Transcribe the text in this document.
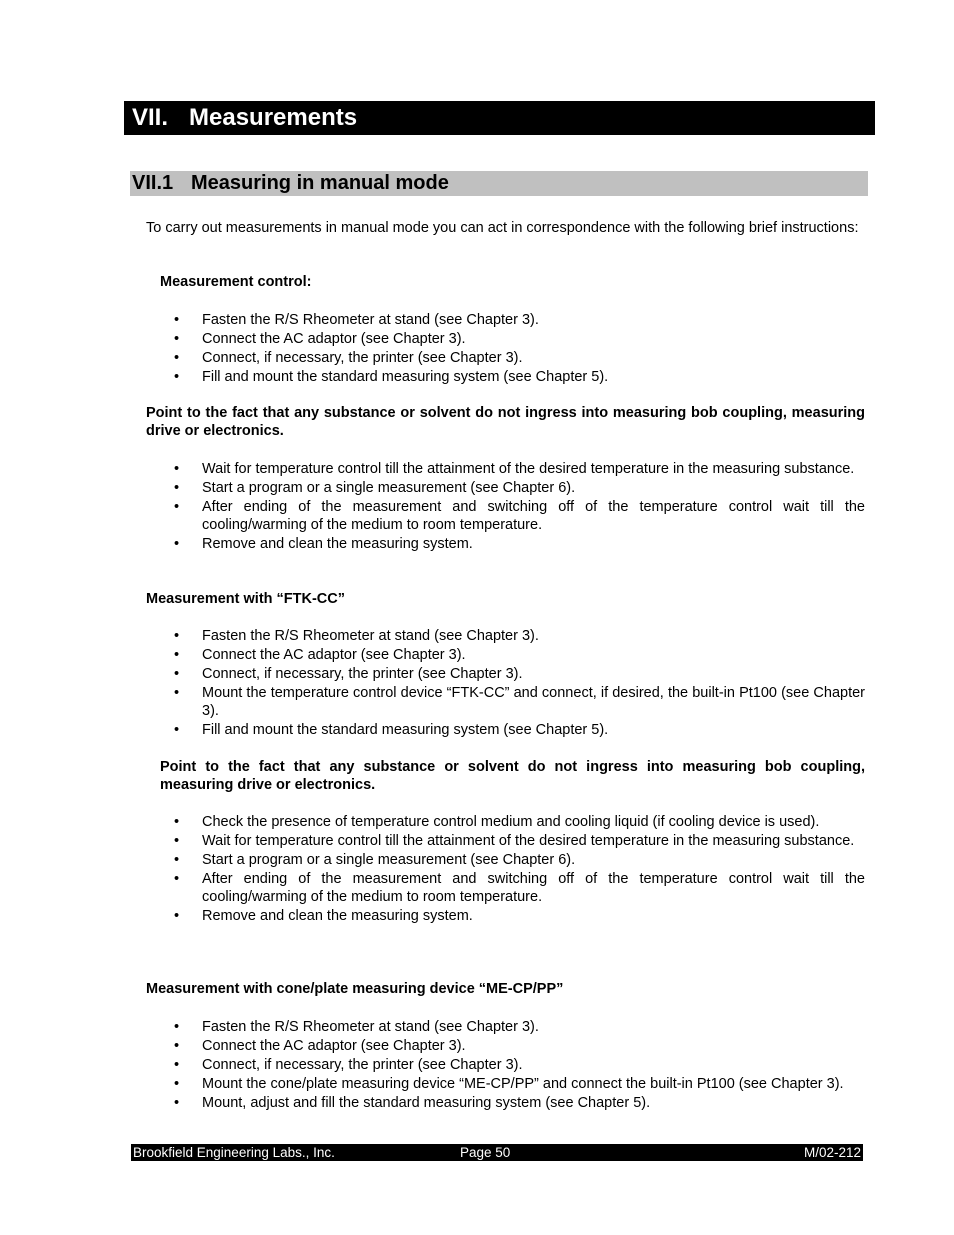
VII. Measurements
VII.1 Measuring in manual mode
To carry out measurements in manual mode you can act in correspondence with the following brief instructions:
Measurement control:
• Fasten the R/S Rheometer at stand (see Chapter 3).
• Connect the AC adaptor (see Chapter 3).
• Connect, if necessary, the printer (see Chapter 3).
• Fill and mount the standard measuring system (see Chapter 5).
Point to the fact that any substance or solvent do not ingress into measuring bob coupling, measuring drive or electronics.
• Wait for temperature control till the attainment of the desired temperature in the measuring substance.
• Start a program or a single measurement (see Chapter 6).
• After ending of the measurement and switching off of the temperature control wait till the cooling/warming of the medium to room temperature.
• Remove and clean the measuring system.
Measurement with “FTK-CC”
• Fasten the R/S Rheometer at stand (see Chapter 3).
• Connect the AC adaptor (see Chapter 3).
• Connect, if necessary, the printer (see Chapter 3).
• Mount the temperature control device “FTK-CC” and connect, if desired, the built-in Pt100 (see Chapter 3).
• Fill and mount the standard measuring system (see Chapter 5).
Point to the fact that any substance or solvent do not ingress into measuring bob coupling, measuring drive or electronics.
• Check the presence of temperature control medium and cooling liquid (if cooling device is used).
• Wait for temperature control till the attainment of the desired temperature in the measuring substance.
• Start a program or a single measurement (see Chapter 6).
• After ending of the measurement and switching off of the temperature control wait till the cooling/warming of the medium to room temperature.
• Remove and clean the measuring system.
Measurement with cone/plate measuring device “ME-CP/PP”
• Fasten the R/S Rheometer at stand (see Chapter 3).
• Connect the AC adaptor (see Chapter 3).
• Connect, if necessary, the printer (see Chapter 3).
• Mount the cone/plate measuring device “ME-CP/PP” and connect the built-in Pt100 (see Chapter 3).
• Mount, adjust and fill the standard measuring system (see Chapter 5).
Brookfield Engineering Labs., Inc.	Page 50	M/02-212
